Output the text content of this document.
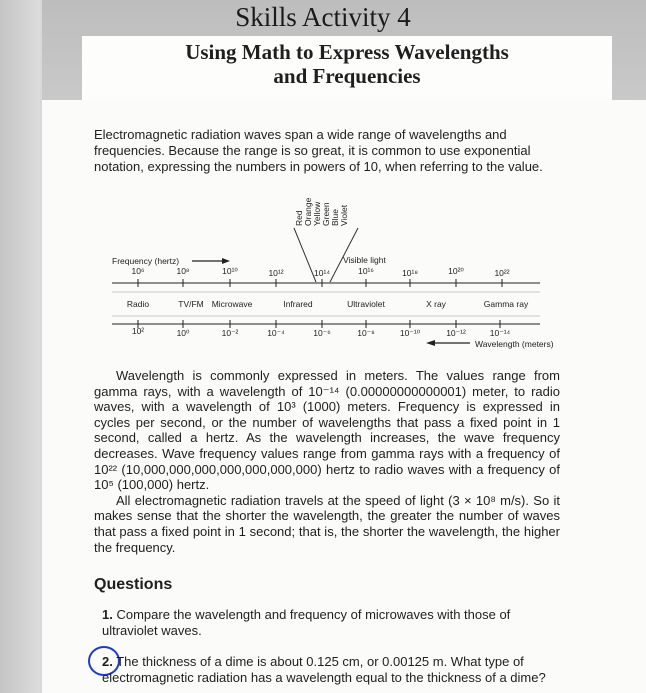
Skills Activity 4
Using Math to Express Wavelengths
and Frequencies
Electromagnetic radiation waves span a wide range of wavelengths and frequencies. Because the range is so great, it is common to use exponential notation, expressing the numbers in powers of 10, when referring to the value.
Red Orange Yellow Green Blue Violet
Frequency (hertz)	Visible light
10⁶	10⁸	10¹⁰	10¹²	10¹⁴	10¹⁶	10¹⁸	10²⁰	10²²
Radio	TV/FM Microwave	Infrared	Ultraviolet	X ray	Gamma ray
10²	10⁰	10⁻²	10⁻⁴	10⁻⁶	10⁻⁸	10⁻¹⁰	10⁻¹²	10⁻¹⁴
Wavelength (meters)

Wavelength is commonly expressed in meters. The values range from gamma rays, with a wavelength of 10⁻¹⁴ (0.00000000000001) meter, to radio waves, with a wavelength of 10³ (1000) meters. Frequency is expressed in cycles per second, or the number of wavelengths that pass a fixed point in 1 second, called a hertz. As the wavelength increases, the wave frequency decreases. Wave frequency values range from gamma rays with a frequency of 10²² (10,000,000,000,000,000,000,000) hertz to radio waves with a frequency of 10⁵ (100,000) hertz.

All electromagnetic radiation travels at the speed of light (3 × 10⁸ m/s). So it makes sense that the shorter the wavelength, the greater the number of waves that pass a fixed point in 1 second; that is, the shorter the wavelength, the higher the frequency.

Questions
1. Compare the wavelength and frequency of microwaves with those of ultraviolet waves.
2. The thickness of a dime is about 0.125 cm, or 0.00125 m. What type of electromagnetic radiation has a wavelength equal to the thickness of a dime?
